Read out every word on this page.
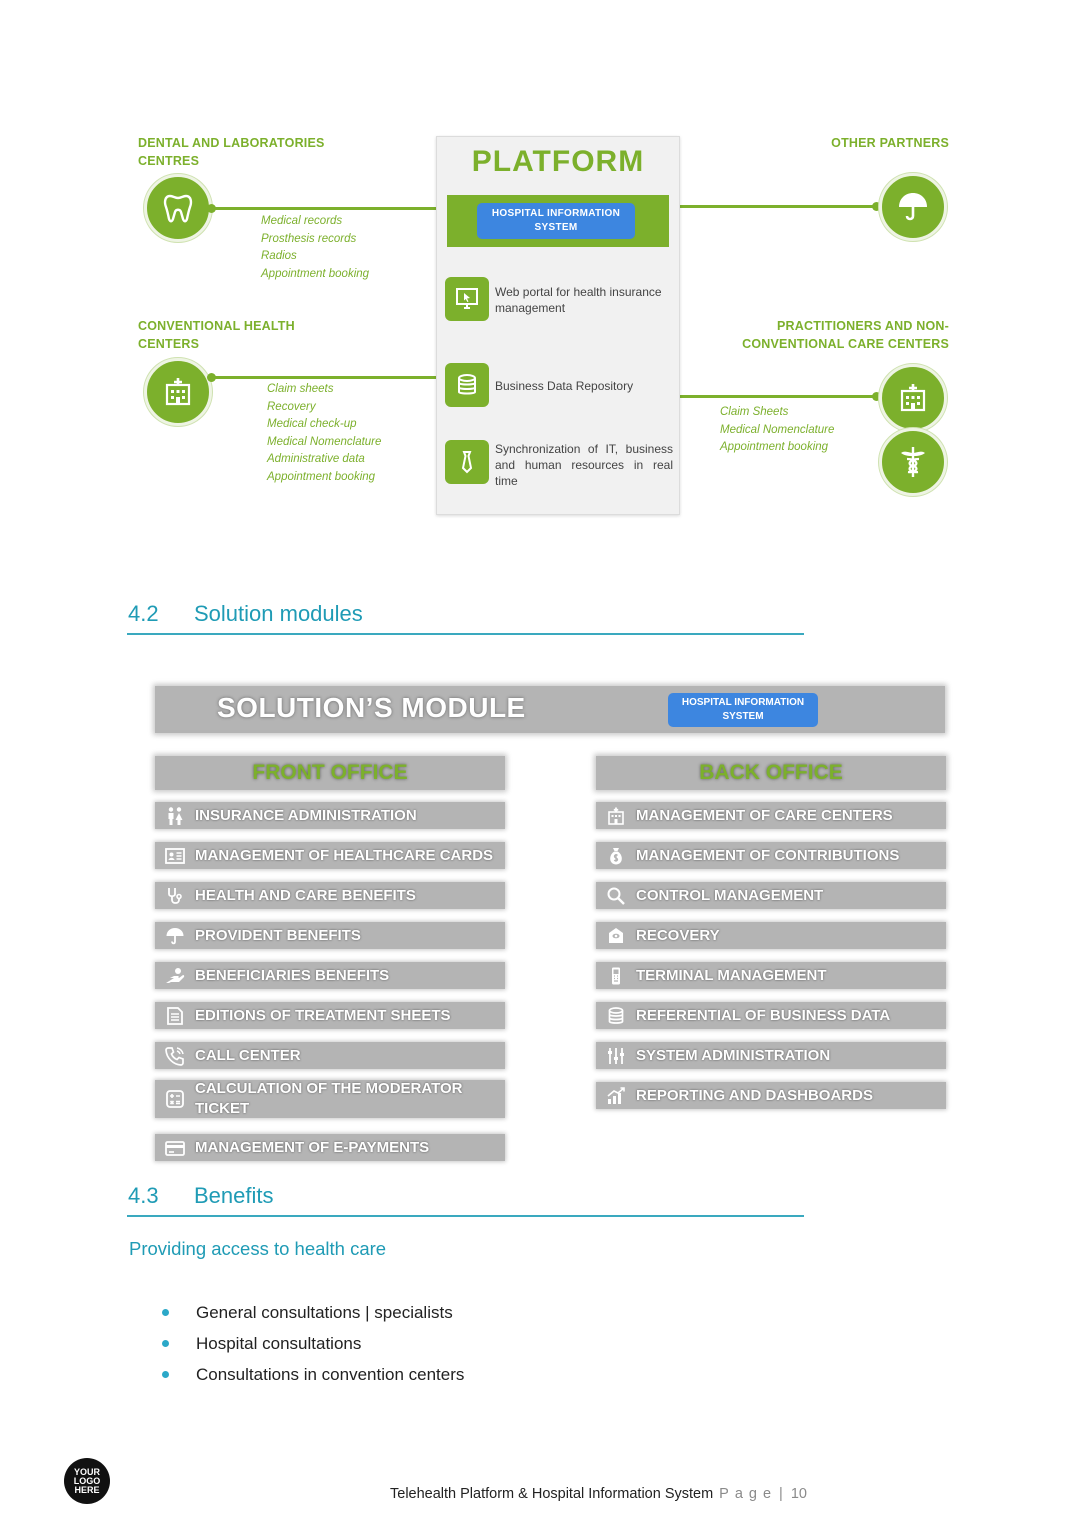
DENTAL AND LABORATORIES CENTRES
Medical records
Prosthesis records
Radios
Appointment booking
CONVENTIONAL HEALTH CENTERS
Claim sheets
Recovery
Medical check-up
Medical Nomenclature
Administrative data
Appointment booking
OTHER PARTNERS
PRACTITIONERS AND NON-CONVENTIONAL CARE CENTERS
Claim Sheets
Medical Nomenclature
Appointment booking
PLATFORM
HOSPITAL INFORMATION SYSTEM
Web portal for health insurance management
Business Data Repository
Synchronization of IT, business and human resources in real time
4.2 Solution modules
SOLUTION’S MODULE	HOSPITAL INFORMATION SYSTEM
FRONT OFFICE
INSURANCE ADMINISTRATION
MANAGEMENT OF HEALTHCARE CARDS
HEALTH AND CARE BENEFITS
PROVIDENT BENEFITS
BENEFICIARIES BENEFITS
EDITIONS OF TREATMENT SHEETS
CALL CENTER
CALCULATION OF THE MODERATOR TICKET
MANAGEMENT OF E-PAYMENTS
BACK OFFICE
MANAGEMENT OF CARE CENTERS
MANAGEMENT OF CONTRIBUTIONS
CONTROL MANAGEMENT
RECOVERY
TERMINAL MANAGEMENT
REFERENTIAL OF BUSINESS DATA
SYSTEM ADMINISTRATION
REPORTING AND DASHBOARDS
4.3 Benefits
Providing access to health care
General consultations | specialists
Hospital consultations
Consultations in convention centers
YOUR LOGO HERE	Telehealth Platform & Hospital Information System Page | 10
